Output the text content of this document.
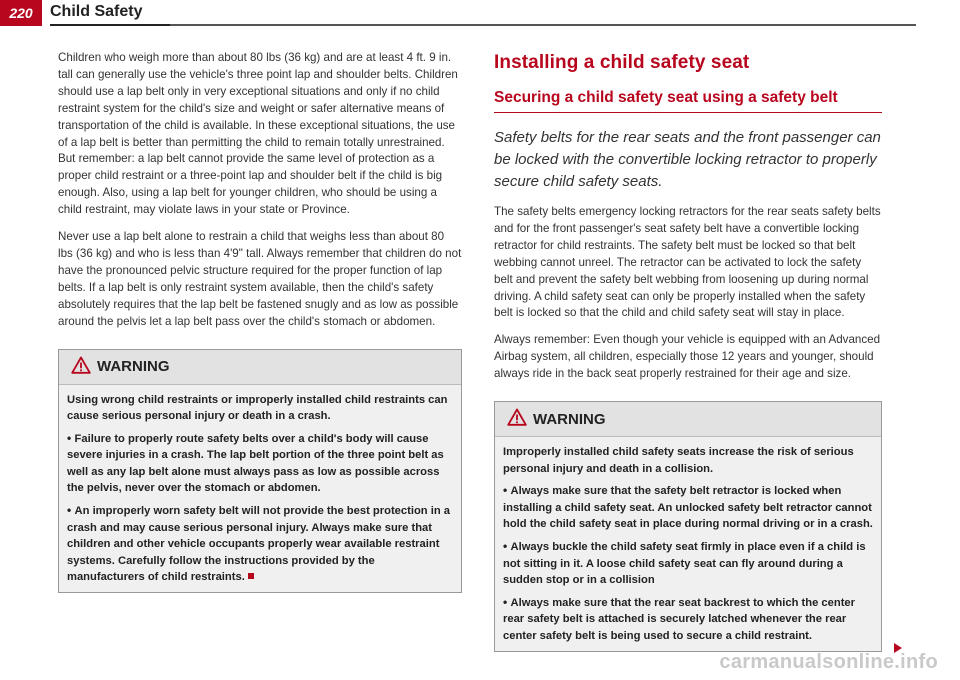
220	Child Safety

Children who weigh more than about 80 lbs (36 kg) and are at least 4 ft. 9 in. tall can generally use the vehicle's three point lap and shoulder belts. Children should use a lap belt only in very exceptional situations and only if no child restraint system for the child's size and weight or safer alternative means of transportation of the child is available. In these exceptional situations, the use of a lap belt is better than permitting the child to remain totally unrestrained. But remember: a lap belt cannot provide the same level of protection as a proper child restraint or a three-point lap and shoulder belt if the child is big enough. Also, using a lap belt for younger children, who should be using a child restraint, may violate laws in your state or Province.

Never use a lap belt alone to restrain a child that weighs less than about 80 lbs (36 kg) and who is less than 4'9" tall. Always remember that children do not have the pronounced pelvic structure required for the proper function of lap belts. If a lap belt is only restraint system available, then the child's safety absolutely requires that the lap belt be fastened snugly and as low as possible around the pelvis let a lap belt pass over the child's stomach or abdomen.

WARNING

Using wrong child restraints or improperly installed child restraints can cause serious personal injury or death in a crash.

• Failure to properly route safety belts over a child's body will cause severe injuries in a crash. The lap belt portion of the three point belt as well as any lap belt alone must always pass as low as possible across the pelvis, never over the stomach or abdomen.

• An improperly worn safety belt will not provide the best protection in a crash and may cause serious personal injury. Always make sure that children and other vehicle occupants properly wear available restraint systems. Carefully follow the instructions provided by the manufacturers of child restraints.

Installing a child safety seat
Securing a child safety seat using a safety belt

Safety belts for the rear seats and the front passenger can be locked with the convertible locking retractor to properly secure child safety seats.

The safety belts emergency locking retractors for the rear seats safety belts and for the front passenger's seat safety belt have a convertible locking retractor for child restraints. The safety belt must be locked so that belt webbing cannot unreel. The retractor can be activated to lock the safety belt and prevent the safety belt webbing from loosening up during normal driving. A child safety seat can only be properly installed when the safety belt is locked so that the child and child safety seat will stay in place.

Always remember: Even though your vehicle is equipped with an Advanced Airbag system, all children, especially those 12 years and younger, should always ride in the back seat properly restrained for their age and size.

WARNING

Improperly installed child safety seats increase the risk of serious personal injury and death in a collision.

• Always make sure that the safety belt retractor is locked when installing a child safety seat. An unlocked safety belt retractor cannot hold the child safety seat in place during normal driving or in a crash.

• Always buckle the child safety seat firmly in place even if a child is not sitting in it. A loose child safety seat can fly around during a sudden stop or in a collision

• Always make sure that the rear seat backrest to which the center rear safety belt is attached is securely latched whenever the rear center safety belt is being used to secure a child restraint.

carmanualsonline.info
